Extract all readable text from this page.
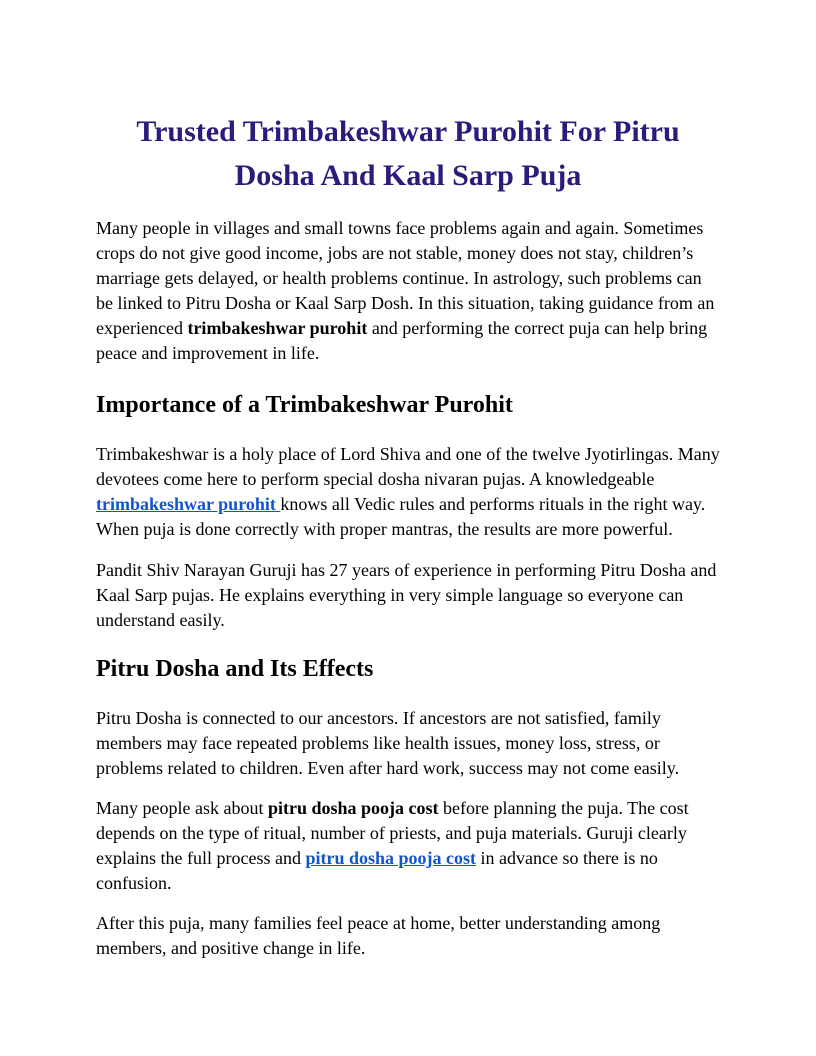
Trusted Trimbakeshwar Purohit For Pitru Dosha And Kaal Sarp Puja

Many people in villages and small towns face problems again and again. Sometimes crops do not give good income, jobs are not stable, money does not stay, children’s marriage gets delayed, or health problems continue. In astrology, such problems can be linked to Pitru Dosha or Kaal Sarp Dosh. In this situation, taking guidance from an experienced trimbakeshwar purohit and performing the correct puja can help bring peace and improvement in life.

Importance of a Trimbakeshwar Purohit

Trimbakeshwar is a holy place of Lord Shiva and one of the twelve Jyotirlingas. Many devotees come here to perform special dosha nivaran pujas. A knowledgeable trimbakeshwar purohit knows all Vedic rules and performs rituals in the right way. When puja is done correctly with proper mantras, the results are more powerful.

Pandit Shiv Narayan Guruji has 27 years of experience in performing Pitru Dosha and Kaal Sarp pujas. He explains everything in very simple language so everyone can understand easily.

Pitru Dosha and Its Effects

Pitru Dosha is connected to our ancestors. If ancestors are not satisfied, family members may face repeated problems like health issues, money loss, stress, or problems related to children. Even after hard work, success may not come easily.

Many people ask about pitru dosha pooja cost before planning the puja. The cost depends on the type of ritual, number of priests, and puja materials. Guruji clearly explains the full process and pitru dosha pooja cost in advance so there is no confusion.

After this puja, many families feel peace at home, better understanding among members, and positive change in life.
